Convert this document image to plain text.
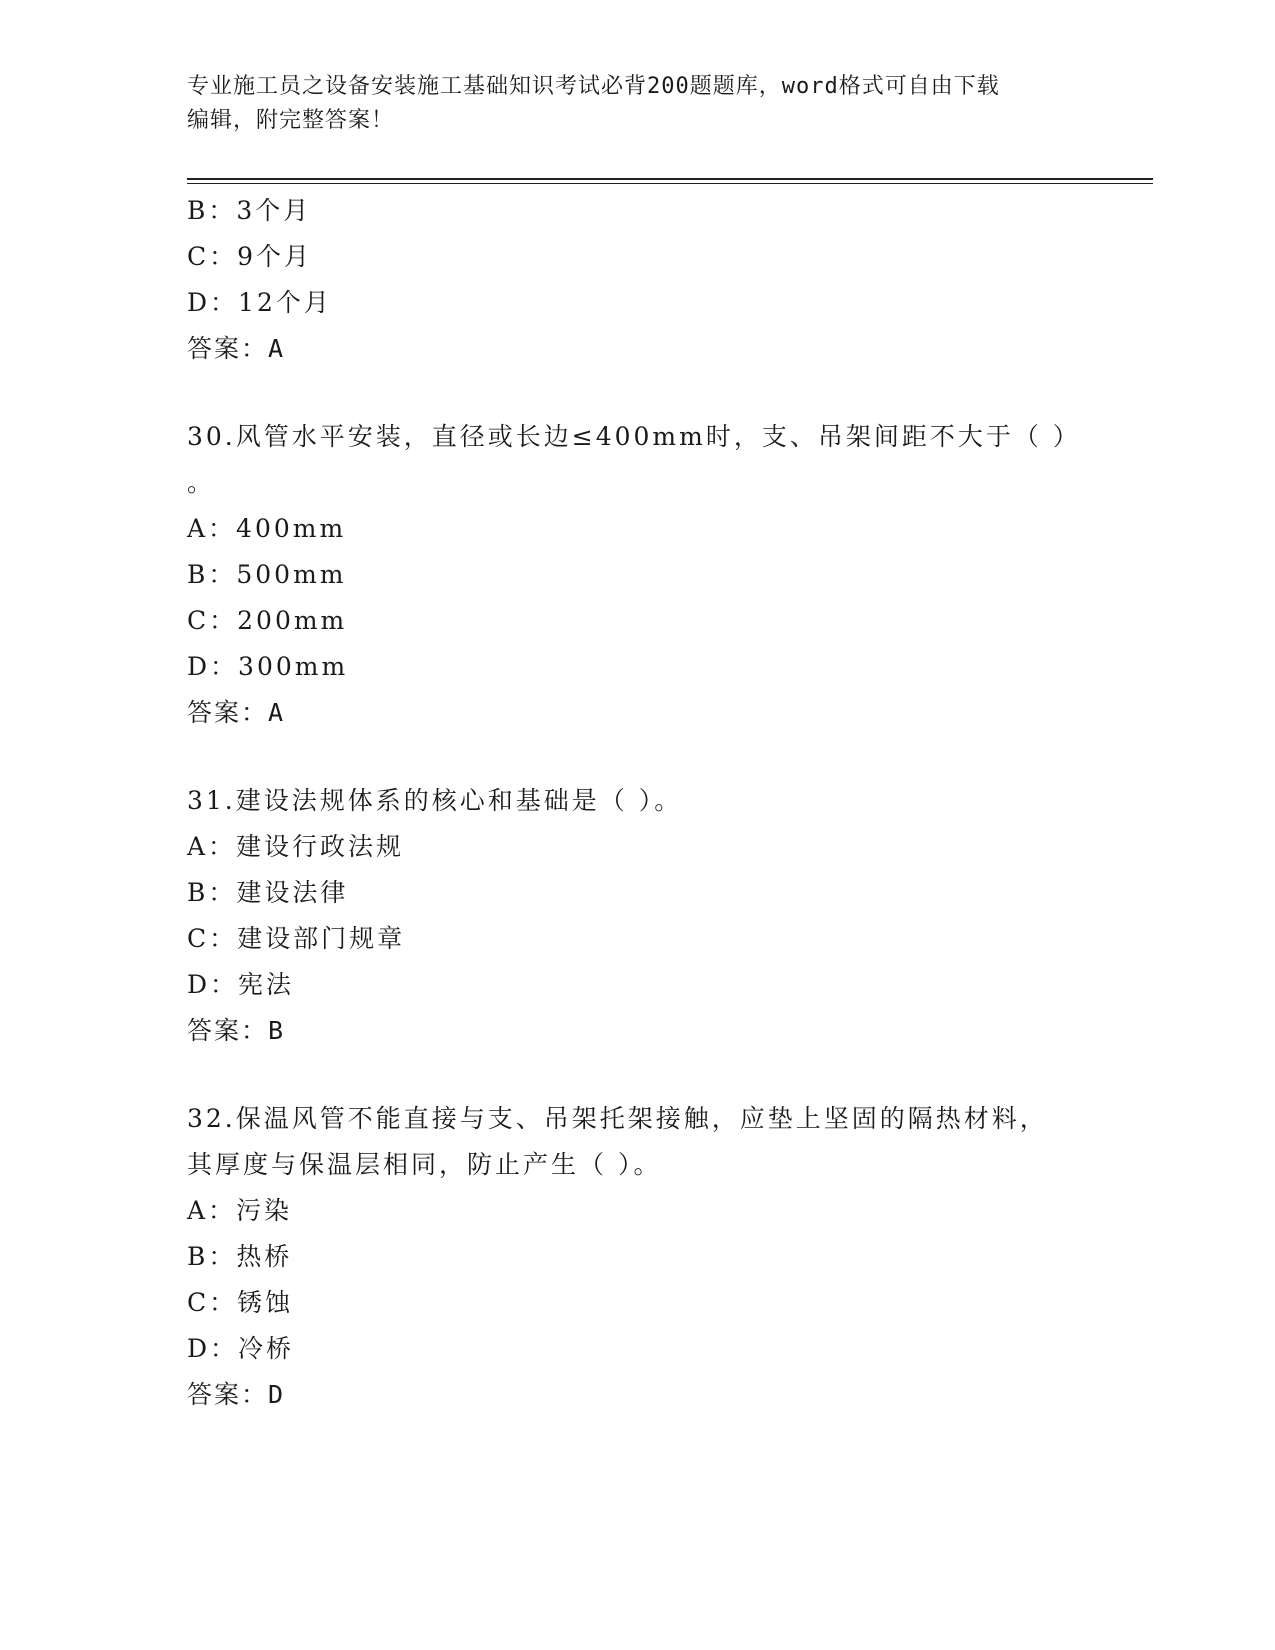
专业施工员之设备安装施工基础知识考试必背200题题库，word格式可自由下载
编辑，附完整答案！
B：3个月
C：9个月
D：12个月
答案：A
30.风管水平安装，直径或长边≤400mm时，支、吊架间距不大于（ ）
。
A：400mm
B：500mm
C：200mm
D：300mm
答案：A
31.建设法规体系的核心和基础是（ ）。
A：建设行政法规
B：建设法律
C：建设部门规章
D：宪法
答案：B
32.保温风管不能直接与支、吊架托架接触，应垫上坚固的隔热材料，
其厚度与保温层相同，防止产生（ ）。
A：污染
B：热桥
C：锈蚀
D：冷桥
答案：D
